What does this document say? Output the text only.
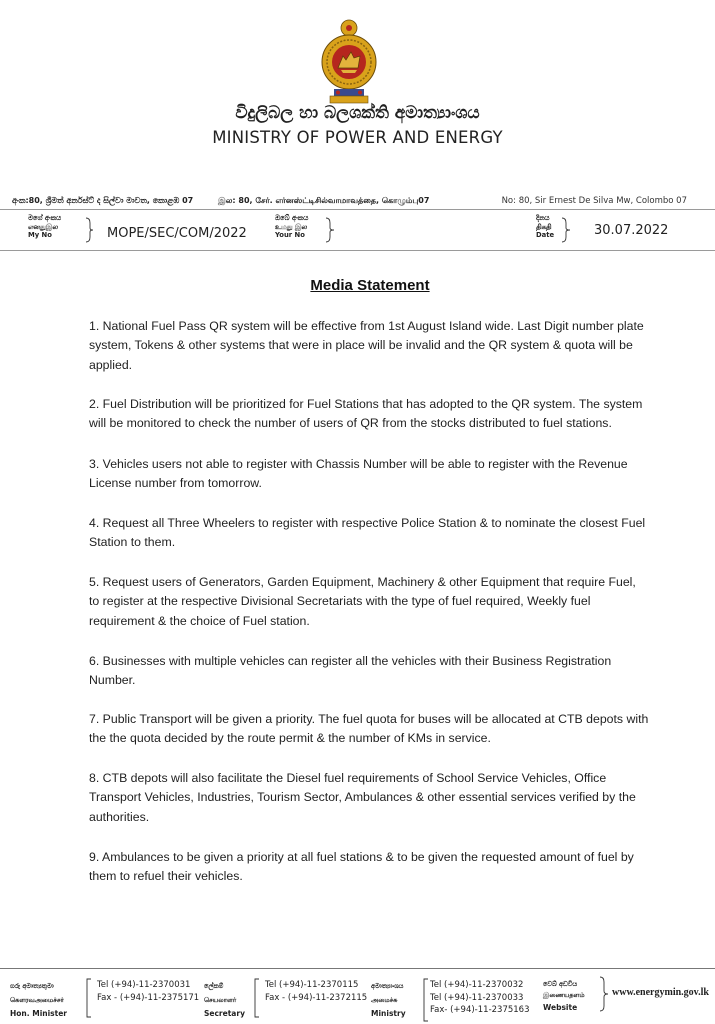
විදුලිබල හා බලශක්ති අමාත්‍යාංශය
MINISTRY OF POWER AND ENERGY
අංක:80, ශ්‍රීමත් අර්නස්ට් ද සිල්වා මාවත, කොළඹ 07	இல: 80, சேர். எர்னஸ்ட்டிசில்வாமாவத்தை, கொழும்பு07	No: 80, Sir Ernest De Silva Mw, Colombo 07
මගේ අංකය
எனதுஇல
My No	MOPE/SEC/COM/2022
ඔබේ අංකය
உமது இல
Your No
දිනය
திகதி
Date	30.07.2022
Media Statement
1. National Fuel Pass QR system will be effective from 1st August Island wide. Last Digit number plate system, Tokens & other systems that were in place will be invalid and the QR system & quota will be applied.
2. Fuel Distribution will be prioritized for Fuel Stations that has adopted to the QR system. The system will be monitored to check the number of users of QR from the stocks distributed to fuel stations.
3. Vehicles users not able to register with Chassis Number will be able to register with the Revenue License number from tomorrow.
4. Request all Three Wheelers to register with respective Police Station & to nominate the closest Fuel Station to them.
5. Request users of Generators, Garden Equipment, Machinery & other Equipment that require Fuel, to register at the respective Divisional Secretariats with the type of fuel required, Weekly fuel requirement & the choice of Fuel station.
6. Businesses with multiple vehicles can register all the vehicles with their Business Registration Number.
7. Public Transport will be given a priority. The fuel quota for buses will be allocated at CTB depots with the the quota decided by the route permit & the number of KMs in service.
8. CTB depots will also facilitate the Diesel fuel requirements of School Service Vehicles, Office Transport Vehicles, Industries, Tourism Sector, Ambulances & other essential services verified by the authorities.
9. Ambulances to be given a priority at all fuel stations & to be given the requested amount of fuel by them to refuel their vehicles.
ගරු අමාත්‍යතුමා
கௌரவஅமைச்சர்
Hon. Minister
Tel (+94)-11-2370031
Fax - (+94)-11-2375171
ලේකම්
செயலாளர்
Secretary
Tel (+94)-11-2370115
Fax - (+94)-11-2372115
අමාත්‍යාංශය
அமைச்சு
Ministry
Tel (+94)-11-2370032
Tel (+94)-11-2370033
Fax- (+94)-11-2375163
වෙබ් අඩවිය
இணையதளம்
Website
www.energymin.gov.lk
